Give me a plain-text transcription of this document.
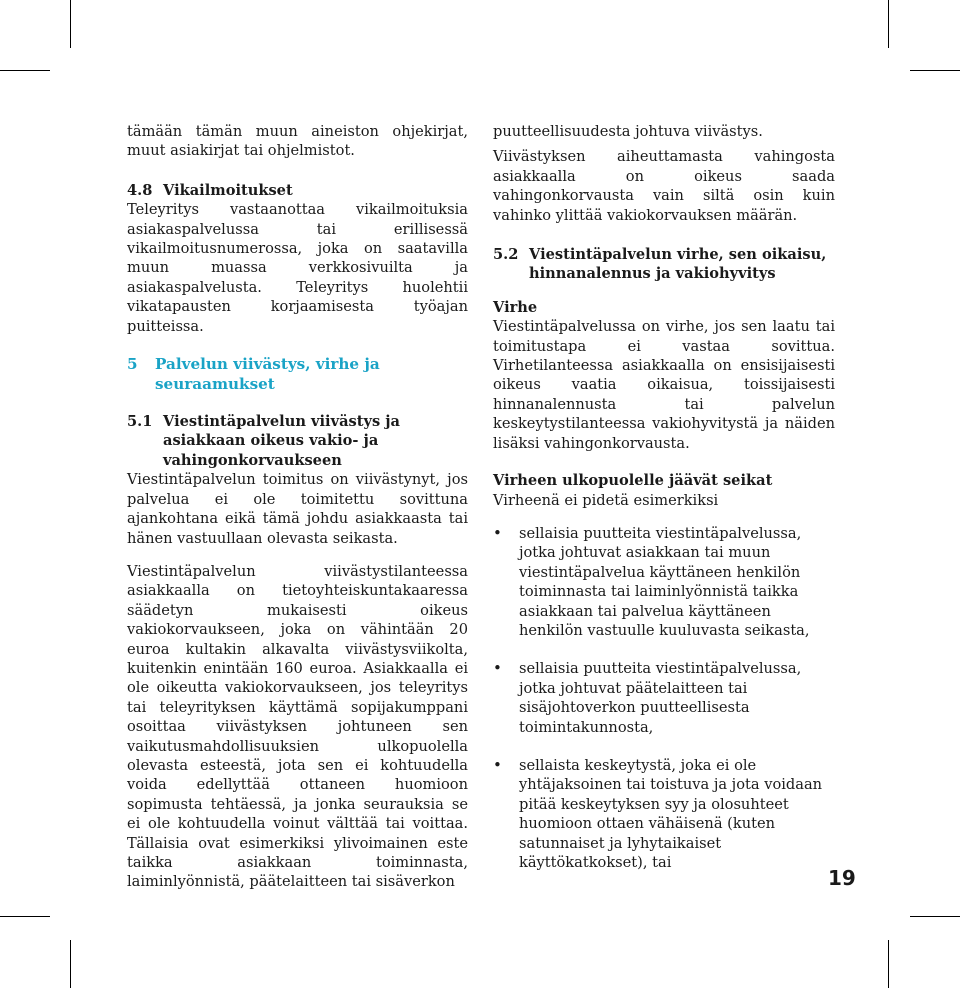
tämään tämän muun aineiston ohjekirjat, muut asiakirjat tai ohjelmistot.

4.8 Vikailmoitukset

Teleyritys vastaanottaa vikailmoituksia asiakaspalvelussa tai erillisessä vikailmoitusnumerossa, joka on saatavilla muun muassa verkkosivuilta ja asiakaspalvelusta. Teleyritys huolehtii vikatapausten korjaamisesta työajan puitteissa.

5	Palvelun viivästys, virhe ja seuraamukset
5.1 Viestintäpalvelun viivästys ja asiakkaan oikeus vakio- ja vahingonkorvaukseen

Viestintäpalvelun toimitus on viivästynyt, jos palvelua ei ole toimitettu sovittuna ajankohtana eikä tämä johdu asiakkaasta tai hänen vastuullaan olevasta seikasta.

Viestintäpalvelun viivästystilanteessa asiakkaalla on tietoyhteiskuntakaaressa säädetyn mukaisesti oikeus vakiokorvaukseen, joka on vähintään 20 euroa kultakin alkavalta viivästysviikolta, kuitenkin enintään 160 euroa. Asiakkaalla ei ole oikeutta vakiokorvaukseen, jos teleyritys tai teleyrityksen käyttämä sopijakumppani osoittaa viivästyksen johtuneen sen vaikutusmahdollisuuksien ulkopuolella olevasta esteestä, jota sen ei kohtuudella voida edellyttää ottaneen huomioon sopimusta tehtäessä, ja jonka seurauksia se ei ole kohtuudella voinut välttää tai voittaa. Tällaisia ovat esimerkiksi ylivoimainen este taikka asiakkaan toiminnasta, laiminlyönnistä, päätelaitteen tai sisäverkon

puutteellisuudesta johtuva viivästys.

Viivästyksen aiheuttamasta vahingosta asiakkaalla on oikeus saada vahingonkorvausta vain siltä osin kuin vahinko ylittää vakiokorvauksen määrän.

5.2 Viestintäpalvelun virhe, sen oikaisu, hinnanalennus ja vakiohyvitys

Virhe

Viestintäpalvelussa on virhe, jos sen laatu tai toimitustapa ei vastaa sovittua. Virhetilanteessa asiakkaalla on ensisijaisesti oikeus vaatia oikaisua, toissijaisesti hinnanalennusta tai palvelun keskeytystilanteessa vakiohyvitystä ja näiden lisäksi vahingonkorvausta.

Virheen ulkopuolelle jäävät seikat

Virheenä ei pidetä esimerkiksi

•	sellaisia puutteita viestintäpalvelussa, jotka johtuvat asiakkaan tai muun viestintäpalvelua käyttäneen henkilön toiminnasta tai laiminlyönnistä taikka asiakkaan tai palvelua käyttäneen henkilön vastuulle kuuluvasta seikasta,
•	sellaisia puutteita viestintäpalvelussa, jotka johtuvat päätelaitteen tai sisäjohtoverkon puutteellisesta toimintakunnosta,
•	sellaista keskeytystä, joka ei ole yhtäjaksoinen tai toistuva ja jota voidaan pitää keskeytyksen syy ja olosuhteet huomioon ottaen vähäisenä (kuten satunnaiset ja lyhytaikaiset käyttökatkokset), tai
19
